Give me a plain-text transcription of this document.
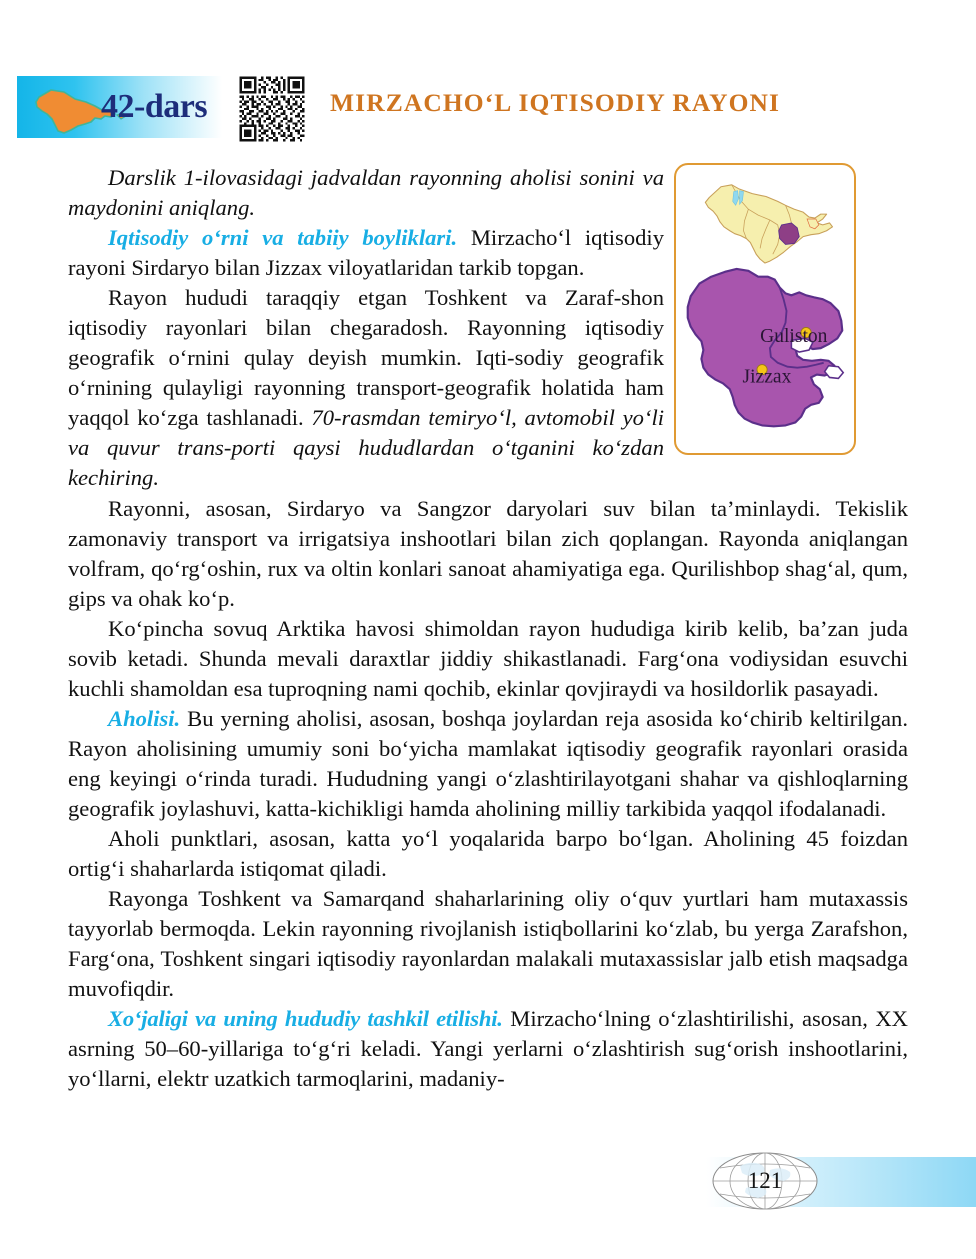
42-dars	MIRZACHO‘L IQTISODIY RAYONI
Guliston
Jizzax

Darslik 1-ilovasidagi jadvaldan rayonning aholisi sonini va maydonini aniqlang.

Iqtisodiy o‘rni va tabiiy boyliklari. Mirzacho‘l iqtisodiy rayoni Sirdaryo bilan Jizzax viloyatlaridan tarkib topgan.

Rayon hududi taraqqiy etgan Toshkent va Zaraf-shon iqtisodiy rayonlari bilan chegaradosh. Rayonning iqtisodiy geografik o‘rnini qulay deyish mumkin. Iqti-sodiy geografik o‘rnining qulayligi rayonning transport-geografik holatida ham yaqqol ko‘zga tashlanadi. 70-rasmdan temiryo‘l, avtomobil yo‘li va quvur trans-porti qaysi hududlardan o‘tganini ko‘zdan kechiring.

Rayonni, asosan, Sirdaryo va Sangzor daryolari suv bilan ta’minlaydi. Tekislik zamonaviy transport va irrigatsiya inshootlari bilan zich qoplangan. Rayonda aniqlangan volfram, qo‘rg‘oshin, rux va oltin konlari sanoat ahamiyatiga ega. Qurilishbop shag‘al, qum, gips va ohak ko‘p.

Ko‘pincha sovuq Arktika havosi shimoldan rayon hududiga kirib kelib, ba’zan juda sovib ketadi. Shunda mevali daraxtlar jiddiy shikastlanadi. Farg‘ona vodiysidan esuvchi kuchli shamoldan esa tuproqning nami qochib, ekinlar qovjiraydi va hosildorlik pasayadi.

Aholisi. Bu yerning aholisi, asosan, boshqa joylardan reja asosida ko‘chirib keltirilgan. Rayon aholisining umumiy soni bo‘yicha mamlakat iqtisodiy geografik rayonlari orasida eng keyingi o‘rinda turadi. Hududning yangi o‘zlashtirilayotgani shahar va qishloqlarning geografik joylashuvi, katta-kichikligi hamda aholining milliy tarkibida yaqqol ifodalanadi.

Aholi punktlari, asosan, katta yo‘l yoqalarida barpo bo‘lgan. Aholining 45 foizdan ortig‘i shaharlarda istiqomat qiladi.

Rayonga Toshkent va Samarqand shaharlarining oliy o‘quv yurtlari ham mutaxassis tayyorlab bermoqda. Lekin rayonning rivojlanish istiqbollarini ko‘zlab, bu yerga Zarafshon, Farg‘ona, Toshkent singari iqtisodiy rayonlardan malakali mutaxassislar jalb etish maqsadga muvofiqdir.

Xo‘jaligi va uning hududiy tashkil etilishi. Mirzacho‘lning o‘zlashtirilishi, asosan, XX asrning 50–60-yillariga to‘g‘ri keladi. Yangi yerlarni o‘zlashtirish sug‘orish inshootlarini, yo‘llarni, elektr uzatkich tarmoqlarini, madaniy-

121
